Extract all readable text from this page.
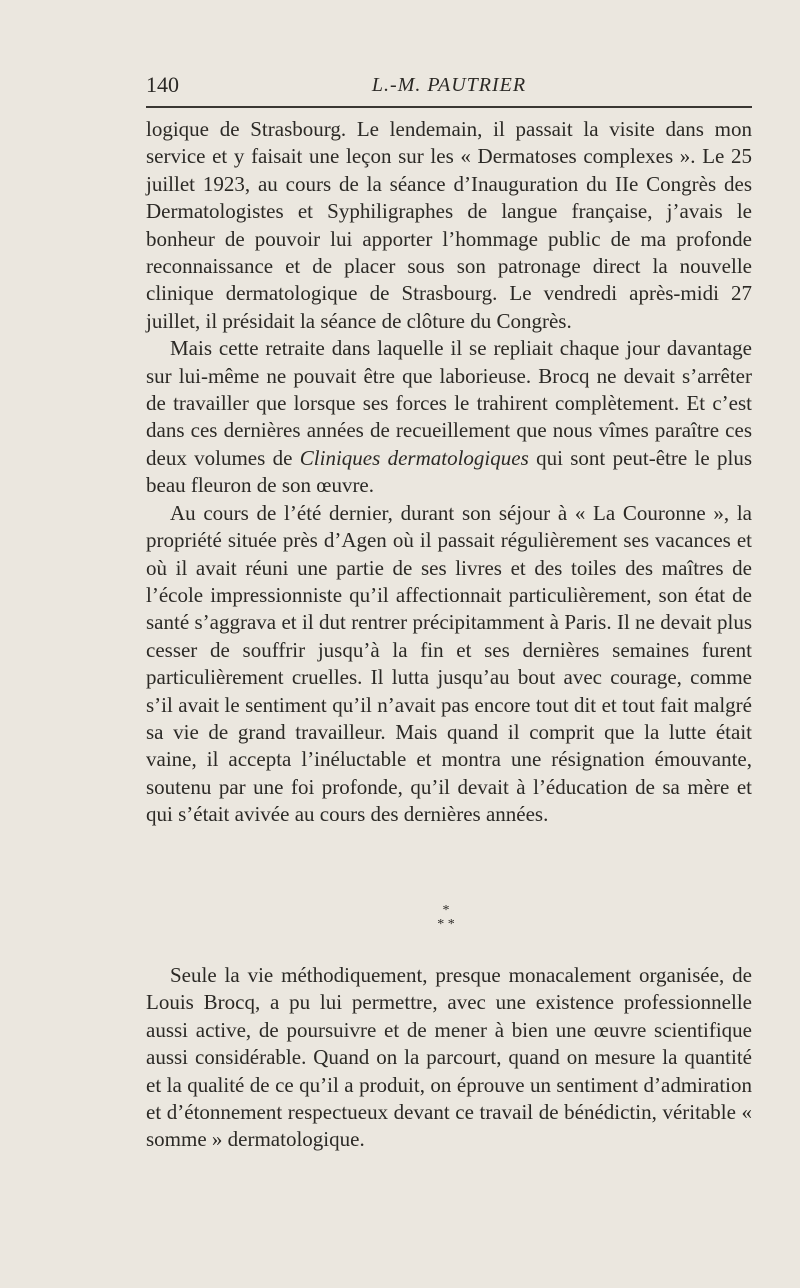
140	L.-M. PAUTRIER

logique de Strasbourg. Le lendemain, il passait la visite dans mon service et y faisait une leçon sur les « Dermatoses complexes ». Le 25 juillet 1923, au cours de la séance d’Inauguration du IIe Congrès des Dermatologistes et Syphiligraphes de langue française, j’avais le bonheur de pouvoir lui apporter l’hommage public de ma profonde reconnaissance et de placer sous son patronage direct la nouvelle clinique dermatologique de Strasbourg. Le vendredi après-midi 27 juillet, il présidait la séance de clôture du Congrès.

Mais cette retraite dans laquelle il se repliait chaque jour davantage sur lui-même ne pouvait être que laborieuse. Brocq ne devait s’arrêter de travailler que lorsque ses forces le trahirent complètement. Et c’est dans ces dernières années de recueillement que nous vîmes paraître ces deux volumes de Cliniques dermatologiques qui sont peut-être le plus beau fleuron de son œuvre.

Au cours de l’été dernier, durant son séjour à « La Couronne », la propriété située près d’Agen où il passait régulièrement ses vacances et où il avait réuni une partie de ses livres et des toiles des maîtres de l’école impressionniste qu’il affectionnait particulièrement, son état de santé s’aggrava et il dut rentrer précipitamment à Paris. Il ne devait plus cesser de souffrir jusqu’à la fin et ses dernières semaines furent particulièrement cruelles. Il lutta jusqu’au bout avec courage, comme s’il avait le sentiment qu’il n’avait pas encore tout dit et tout fait malgré sa vie de grand travailleur. Mais quand il comprit que la lutte était vaine, il accepta l’inéluctable et montra une résignation émouvante, soutenu par une foi profonde, qu’il devait à l’éducation de sa mère et qui s’était avivée au cours des dernières années.

*
* *

Seule la vie méthodiquement, presque monacalement organisée, de Louis Brocq, a pu lui permettre, avec une existence professionnelle aussi active, de poursuivre et de mener à bien une œuvre scientifique aussi considérable. Quand on la parcourt, quand on mesure la quantité et la qualité de ce qu’il a produit, on éprouve un sentiment d’admiration et d’étonnement respectueux devant ce travail de bénédictin, véritable « somme » dermatologique.
